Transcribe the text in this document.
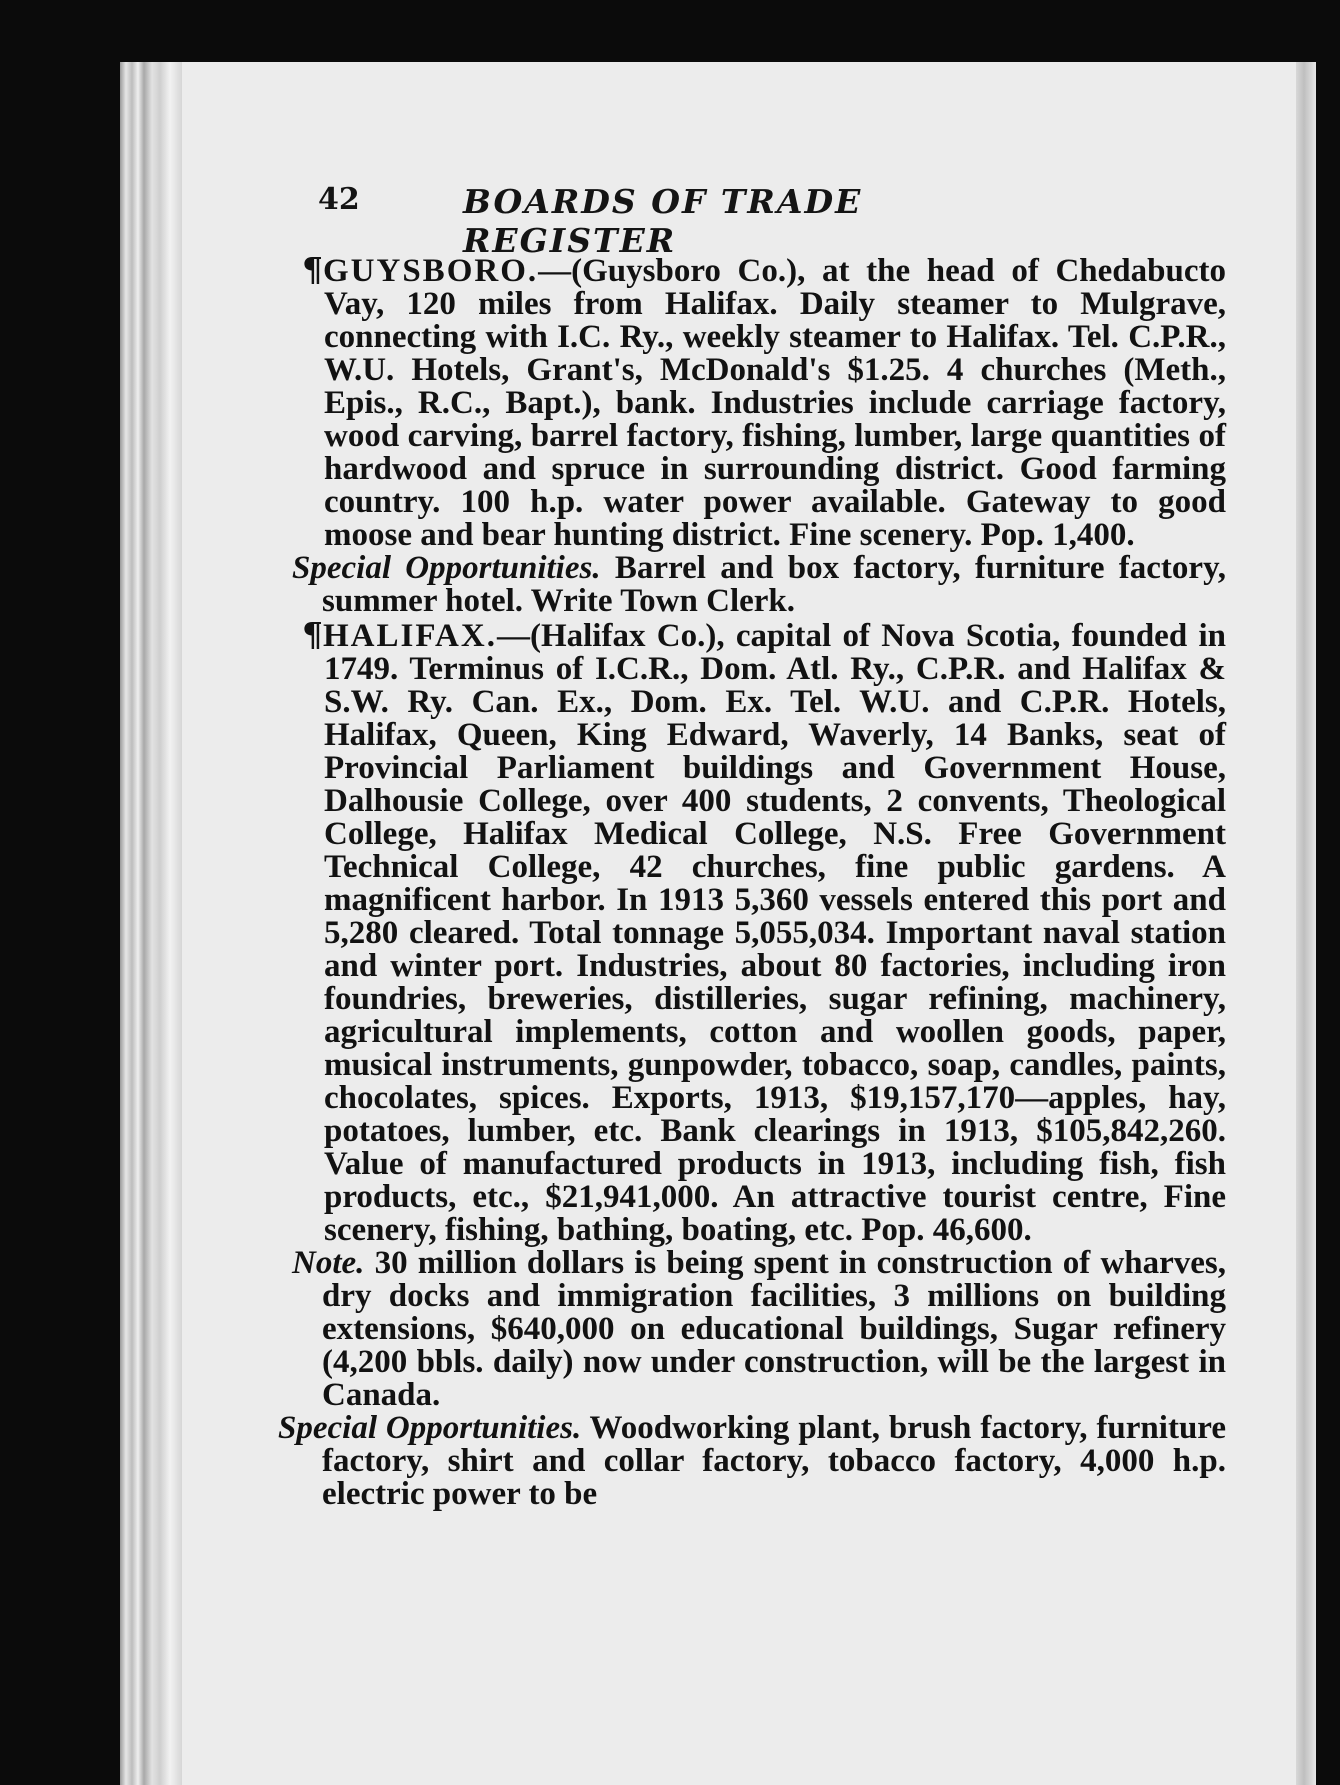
42	BOARDS OF TRADE REGISTER

¶GUYSBORO.—(Guysboro Co.), at the head of Chedabucto Vay, 120 miles from Halifax. Daily steamer to Mulgrave, connecting with I.C. Ry., weekly steamer to Halifax. Tel. C.P.R., W.U. Hotels, Grant's, McDonald's $1.25. 4 churches (Meth., Epis., R.C., Bapt.), bank. Industries include carriage factory, wood carving, barrel factory, fishing, lumber, large quantities of hardwood and spruce in surrounding district. Good farming country. 100 h.p. water power available. Gateway to good moose and bear hunting district. Fine scenery. Pop. 1,400.

Special Opportunities. Barrel and box factory, furniture factory, summer hotel. Write Town Clerk.

¶HALIFAX.—(Halifax Co.), capital of Nova Scotia, founded in 1749. Terminus of I.C.R., Dom. Atl. Ry., C.P.R. and Halifax & S.W. Ry. Can. Ex., Dom. Ex. Tel. W.U. and C.P.R. Hotels, Halifax, Queen, King Edward, Waverly, 14 Banks, seat of Provincial Parliament buildings and Government House, Dalhousie College, over 400 students, 2 convents, Theological College, Halifax Medical College, N.S. Free Government Technical College, 42 churches, fine public gardens. A magnificent harbor. In 1913 5,360 vessels entered this port and 5,280 cleared. Total tonnage 5,055,034. Important naval station and winter port. Industries, about 80 factories, including iron foundries, breweries, distilleries, sugar refining, machinery, agricultural implements, cotton and woollen goods, paper, musical instruments, gunpowder, tobacco, soap, candles, paints, chocolates, spices. Exports, 1913, $19,157,170—apples, hay, potatoes, lumber, etc. Bank clearings in 1913, $105,842,260. Value of manufactured products in 1913, including fish, fish products, etc., $21,941,000. An attractive tourist centre, Fine scenery, fishing, bathing, boating, etc. Pop. 46,600.

Note. 30 million dollars is being spent in construction of wharves, dry docks and immigration facilities, 3 millions on building extensions, $640,000 on educational buildings, Sugar refinery (4,200 bbls. daily) now under construction, will be the largest in Canada.

Special Opportunities. Woodworking plant, brush factory, furniture factory, shirt and collar factory, tobacco factory, 4,000 h.p. electric power to be
